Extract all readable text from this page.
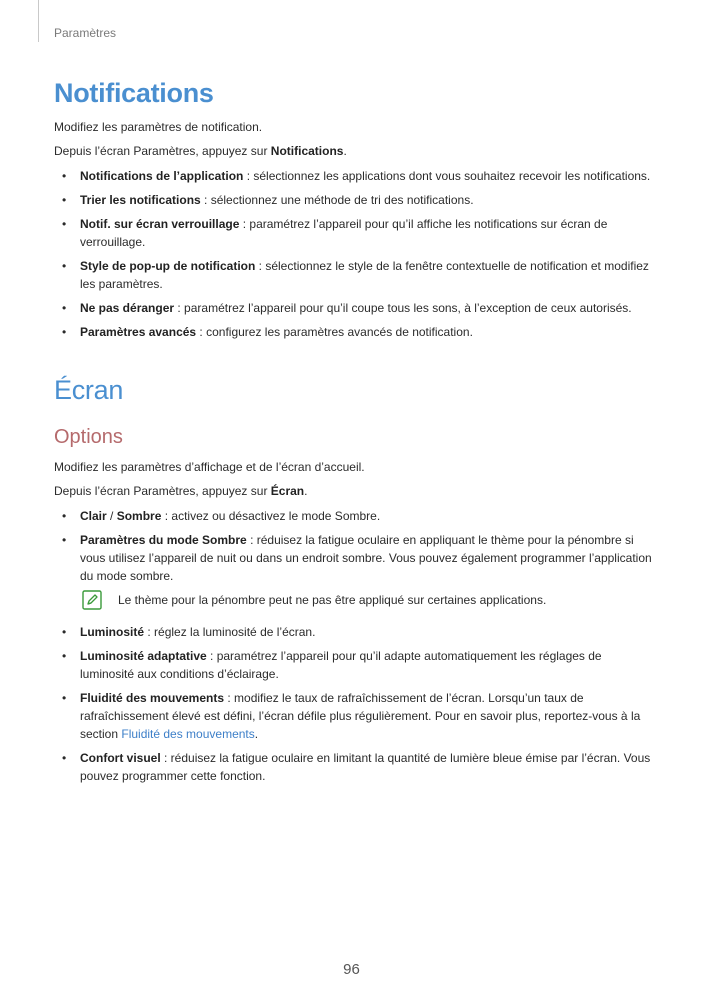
Paramètres
Notifications

Modifiez les paramètres de notification.

Depuis l’écran Paramètres, appuyez sur Notifications.

• Notifications de l’application : sélectionnez les applications dont vous souhaitez recevoir les notifications.
• Trier les notifications : sélectionnez une méthode de tri des notifications.
• Notif. sur écran verrouillage : paramétrez l’appareil pour qu’il affiche les notifications sur écran de verrouillage.
• Style de pop-up de notification : sélectionnez le style de la fenêtre contextuelle de notification et modifiez les paramètres.
• Ne pas déranger : paramétrez l’appareil pour qu’il coupe tous les sons, à l’exception de ceux autorisés.
• Paramètres avancés : configurez les paramètres avancés de notification.
Écran
Options

Modifiez les paramètres d’affichage et de l’écran d’accueil.

Depuis l’écran Paramètres, appuyez sur Écran.

• Clair / Sombre : activez ou désactivez le mode Sombre.
• Paramètres du mode Sombre : réduisez la fatigue oculaire en appliquant le thème pour la pénombre si vous utilisez l’appareil de nuit ou dans un endroit sombre. Vous pouvez également programmer l’application du mode sombre.
Le thème pour la pénombre peut ne pas être appliqué sur certaines applications.
• Luminosité : réglez la luminosité de l’écran.
• Luminosité adaptative : paramétrez l’appareil pour qu’il adapte automatiquement les réglages de luminosité aux conditions d’éclairage.
• Fluidité des mouvements : modifiez le taux de rafraîchissement de l’écran. Lorsqu’un taux de rafraîchissement élevé est défini, l’écran défile plus régulièrement. Pour en savoir plus, reportez-vous à la section Fluidité des mouvements.
• Confort visuel : réduisez la fatigue oculaire en limitant la quantité de lumière bleue émise par l’écran. Vous pouvez programmer cette fonction.
96
